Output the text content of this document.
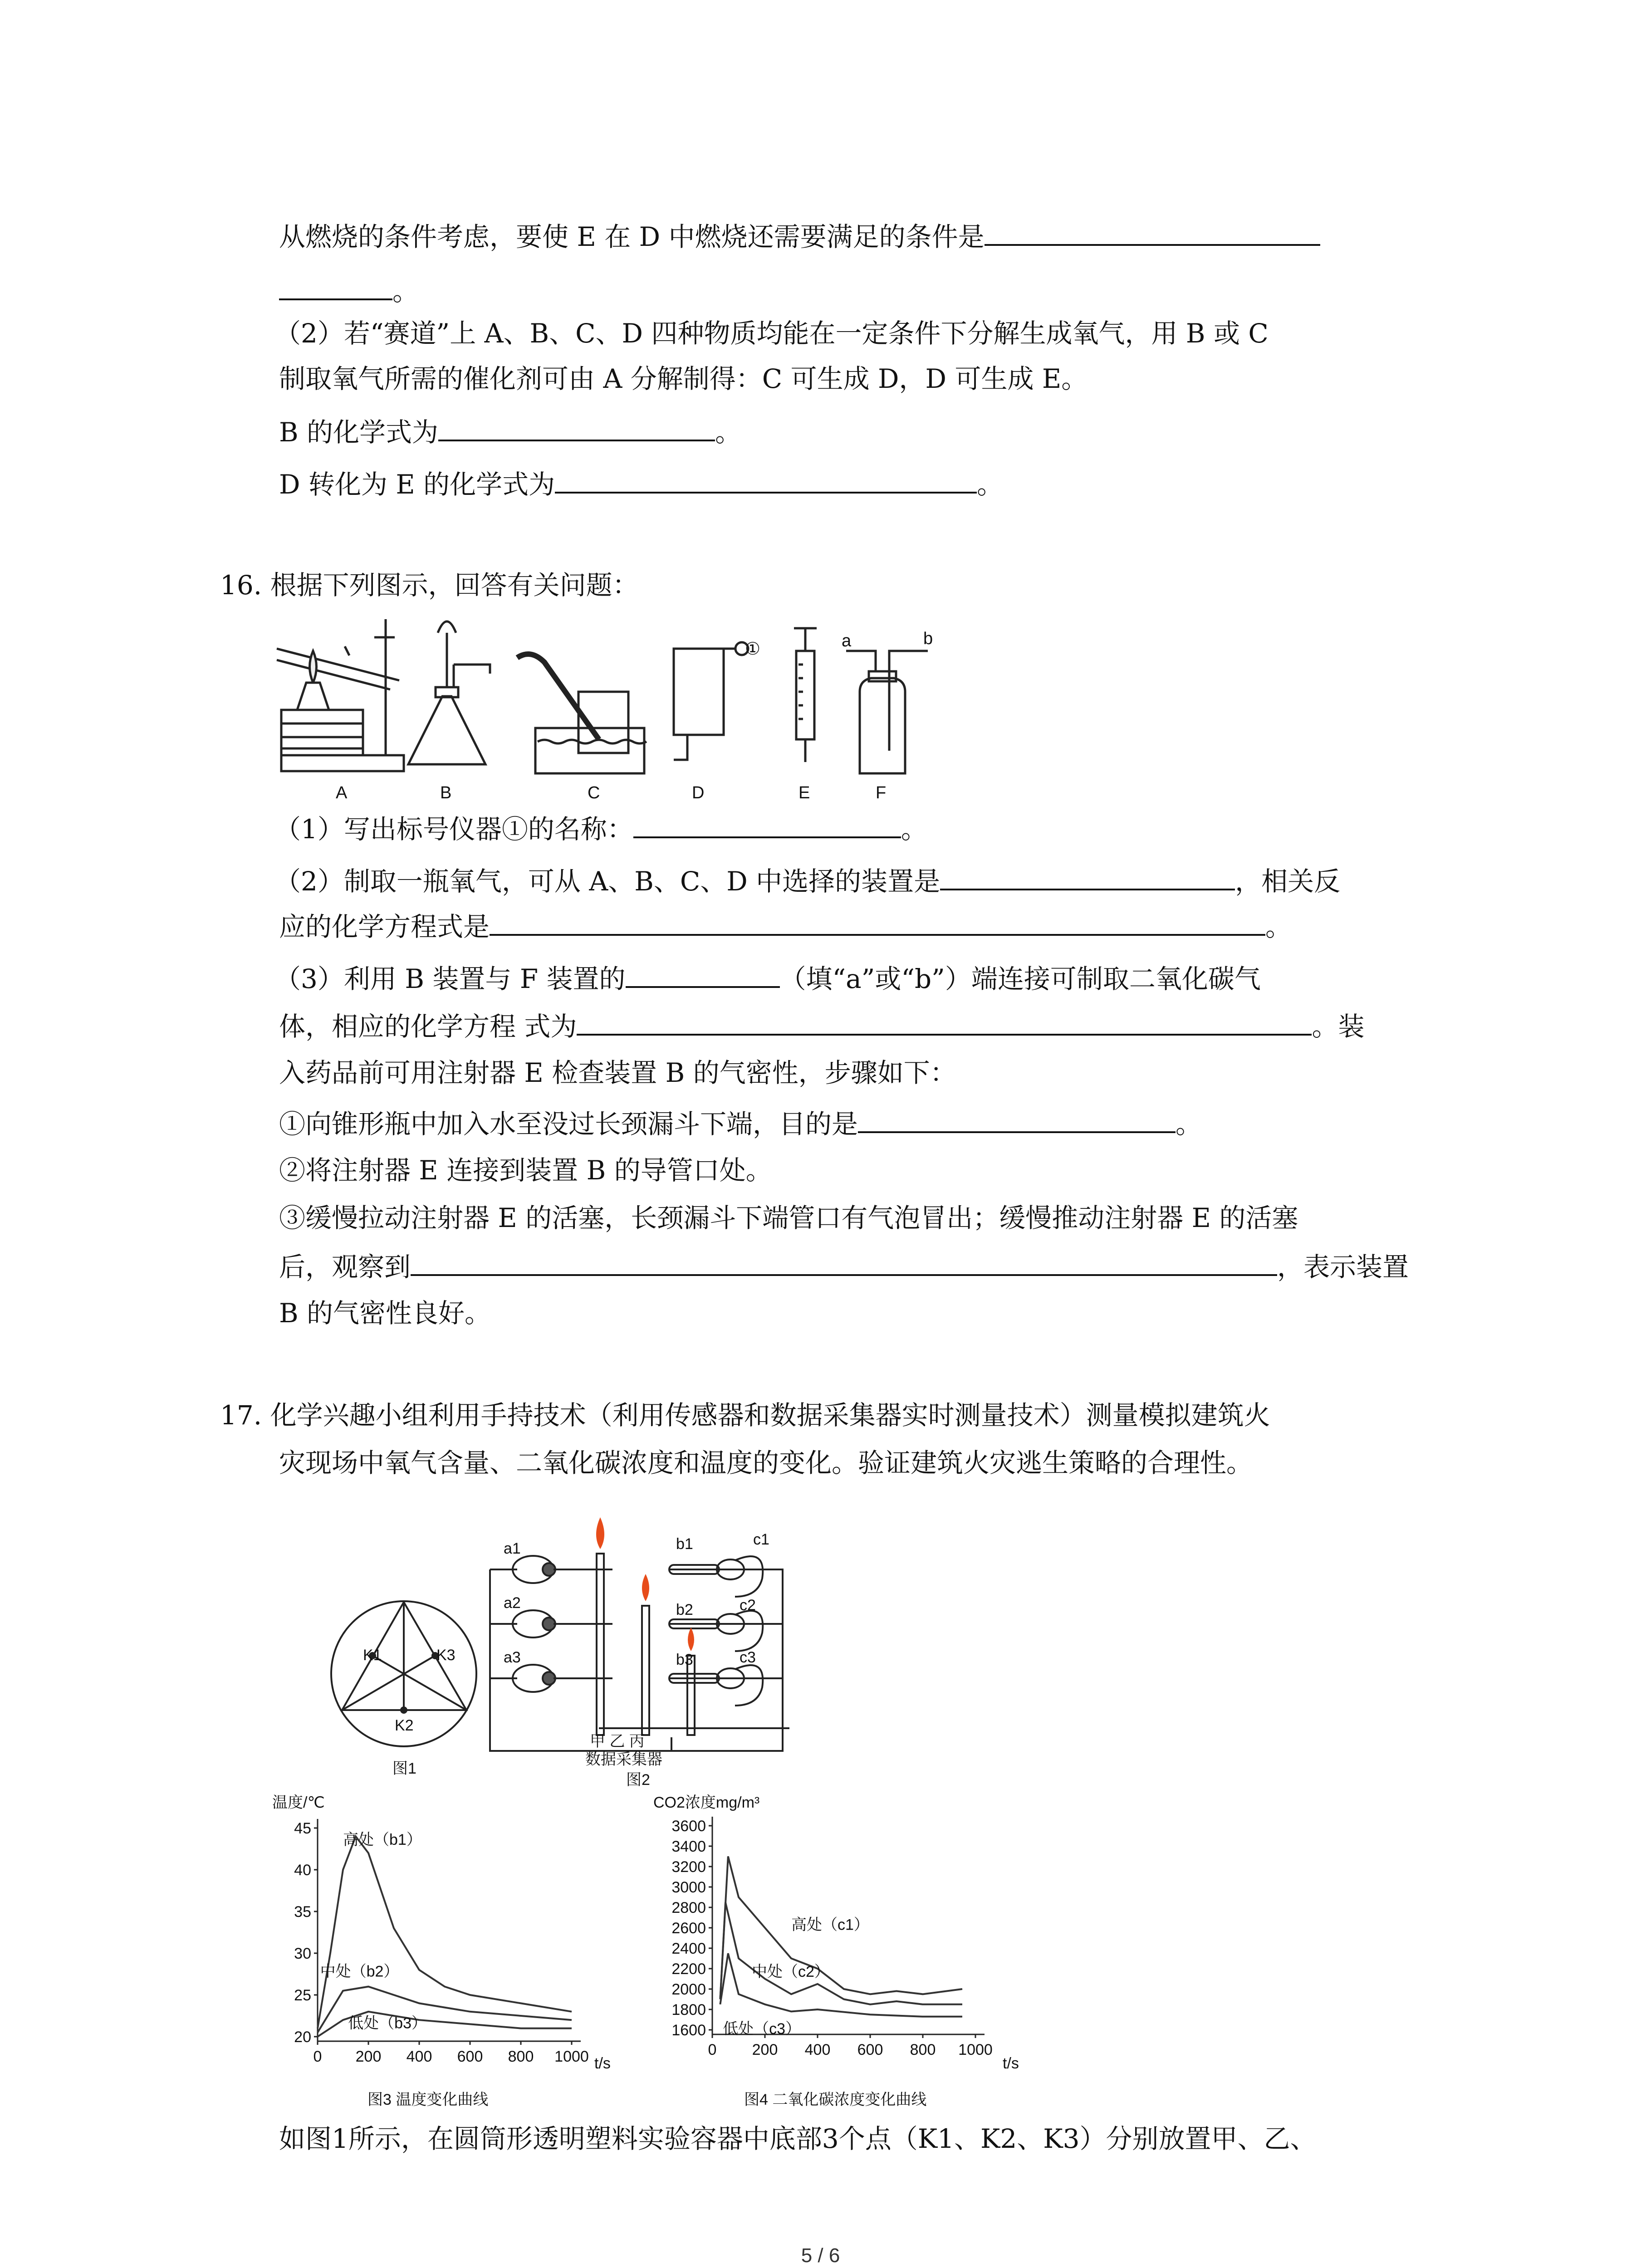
从燃烧的条件考虑，要使 E 在 D 中燃烧还需要满足的条件是
。
（2）若“赛道”上 A、B、C、D 四种物质均能在一定条件下分解生成氧气，用 B 或 C
制取氧气所需的催化剂可由 A 分解制得：C 可生成 D，D 可生成 E。
B 的化学式为	。
D 转化为 E 的化学式为	。
16. 根据下列图示，回答有关问题：
A	B	C	D	E	F
①	a	b
（1）写出标号仪器①的名称：	。
（2）制取一瓶氧气，可从 A、B、C、D 中选择的装置是	，相关反
应的化学方程式是	。
（3）利用 B 装置与 F 装置的	（填“a”或“b”）端连接可制取二氧化碳气
体，相应的化学方程 式为	。装
入药品前可用注射器 E 检查装置 B 的气密性，步骤如下：
①向锥形瓶中加入水至没过长颈漏斗下端，目的是	。
②将注射器 E 连接到装置 B 的导管口处。
③缓慢拉动注射器 E 的活塞，长颈漏斗下端管口有气泡冒出；缓慢推动注射器 E 的活塞
后，观察到	，表示装置
B 的气密性良好。
17. 化学兴趣小组利用手持技术（利用传感器和数据采集器实时测量技术）测量模拟建筑火
灾现场中氧气含量、二氧化碳浓度和温度的变化。验证建筑火灾逃生策略的合理性。
K1	K3
K2
图1
a1
a2
a3
b1
b2
b3
c1
c2
c3
甲 乙 丙
数据采集器
图2
温度/℃
t/s
图3 温度变化曲线
20
25
30
35
40
45
0 200 400 600 800 1000
高处（b1）
中处（b2）
低处（b3）
CO2浓度mg/m³
t/s
图4 二氧化碳浓度变化曲线
1600
1800
2000
2200
2400
2600
2800
3000
3200
3400
3600
0 200 400 600 800 1000
高处（c1）
中处（c2）
低处（c3）
如图1所示，在圆筒形透明塑料实验容器中底部3个点（K1、K2、K3）分别放置甲、乙、
5 / 6
